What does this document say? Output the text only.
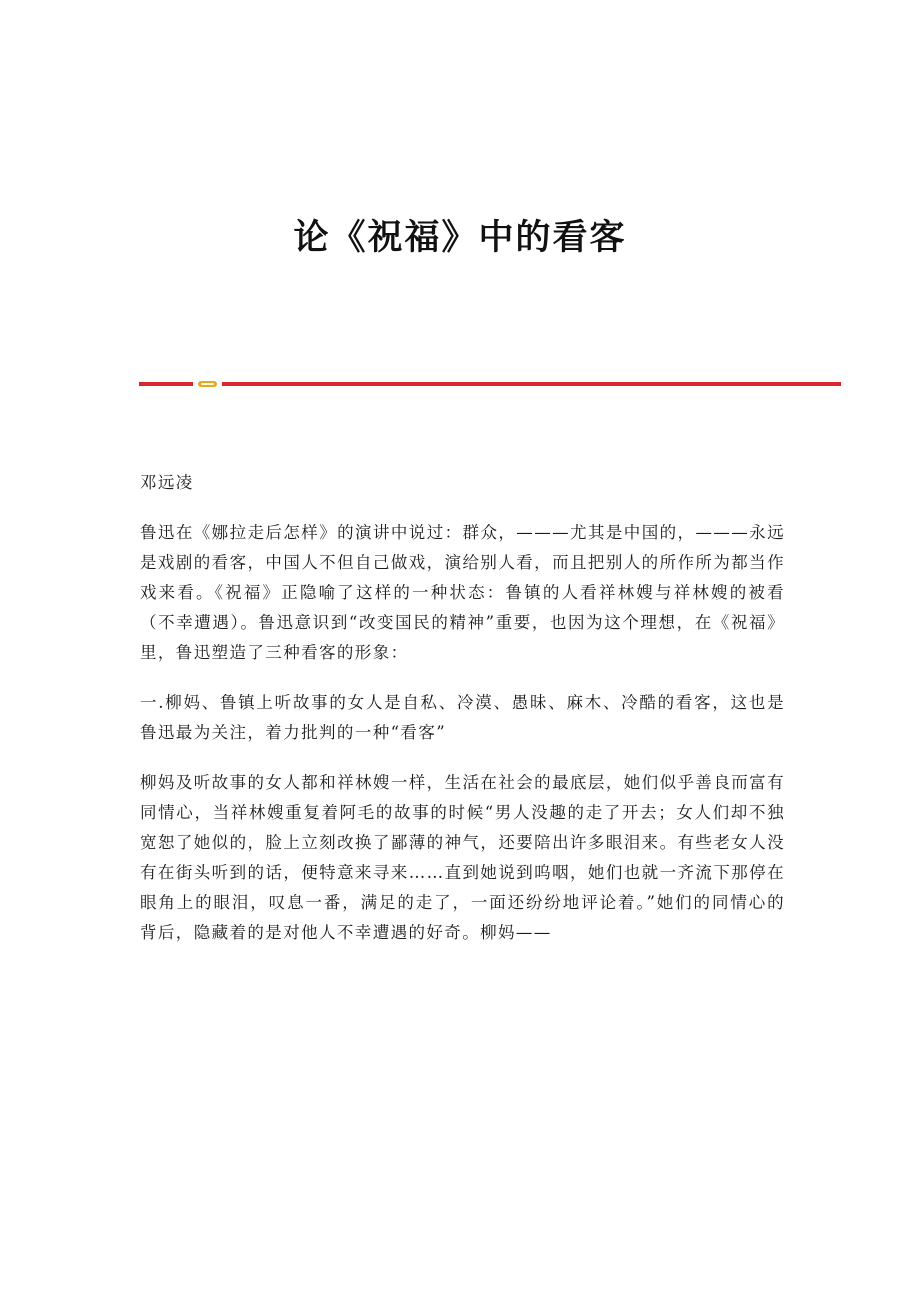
论《祝福》中的看客

邓远凌

鲁迅在《娜拉走后怎样》的演讲中说过：群众，———尤其是中国的，———永远是戏剧的看客，中国人不但自己做戏，演给别人看，而且把别人的所作所为都当作戏来看。《祝福》正隐喻了这样的一种状态：鲁镇的人看祥林嫂与祥林嫂的被看（不幸遭遇）。鲁迅意识到“改变国民的精神”重要，也因为这个理想，在《祝福》里，鲁迅塑造了三种看客的形象：

一.柳妈、鲁镇上听故事的女人是自私、冷漠、愚昧、麻木、冷酷的看客，这也是鲁迅最为关注，着力批判的一种“看客”

柳妈及听故事的女人都和祥林嫂一样，生活在社会的最底层，她们似乎善良而富有同情心，当祥林嫂重复着阿毛的故事的时候“男人没趣的走了开去；女人们却不独宽恕了她似的，脸上立刻改换了鄙薄的神气，还要陪出许多眼泪来。有些老女人没有在街头听到的话，便特意来寻来……直到她说到呜咽，她们也就一齐流下那停在眼角上的眼泪，叹息一番，满足的走了，一面还纷纷地评论着。”她们的同情心的背后，隐藏着的是对他人不幸遭遇的好奇。柳妈——
